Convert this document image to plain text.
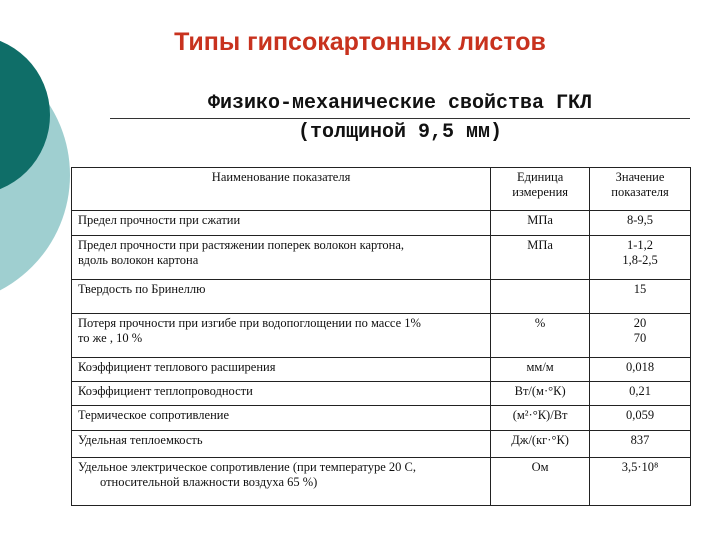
Типы гипсокартонных листов
Физико-механические свойства ГКЛ
(толщиной 9,5 мм)
Наименование показателя	Единица измерения	Значение показателя
Предел прочности при сжатии	МПа	8-9,5
Предел прочности при растяжении поперек волокон картона,
вдоль волокон картона	МПа	1-1,2
1,8-2,5
Твердость по Бринеллю		15
Потеря прочности при изгибе при водопоглощении по массе 1%
то же , 10 %	%	20
70
Коэффициент теплового расширения	мм/м	0,018
Коэффициент теплопроводности	Вт/(м·°К)	0,21
Термическое сопротивление	(м²·°К)/Вт	0,059
Удельная теплоемкость	Дж/(кг·°К)	837
Удельное электрическое сопротивление (при температуре 20 С,

относительной влажности воздуха 65 %)	Ом	3,5·10⁸
